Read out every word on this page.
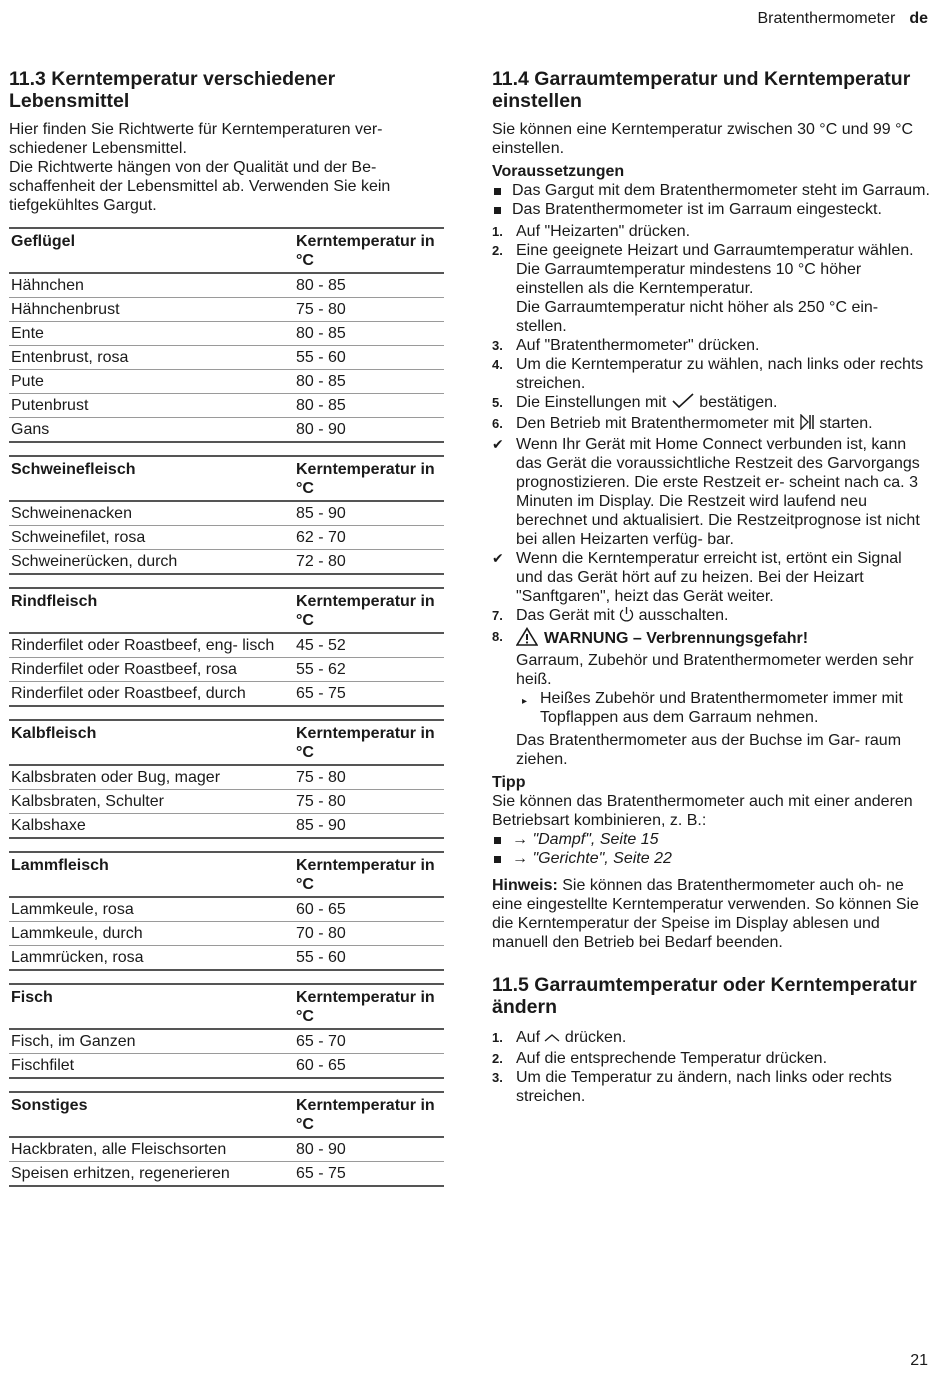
Bratenthermometer de
11.3 Kerntemperatur verschiedener Lebensmittel

Hier finden Sie Richtwerte für Kerntemperaturen ver- schiedener Lebensmittel.

Die Richtwerte hängen von der Qualität und der Be- schaffenheit der Lebensmittel ab. Verwenden Sie kein tiefgekühltes Gargut.

Geflügel	Kerntemperatur in °C
Hähnchen	80 - 85
Hähnchenbrust	75 - 80
Ente	80 - 85
Entenbrust, rosa	55 - 60
Pute	80 - 85
Putenbrust	80 - 85
Gans	80 - 90
Schweinefleisch	Kerntemperatur in °C
Schweinenacken	85 - 90
Schweinefilet, rosa	62 - 70
Schweinerücken, durch	72 - 80
Rindfleisch	Kerntemperatur in °C
Rinderfilet oder Roastbeef, eng- lisch	45 - 52
Rinderfilet oder Roastbeef, rosa	55 - 62
Rinderfilet oder Roastbeef, durch	65 - 75
Kalbfleisch	Kerntemperatur in °C
Kalbsbraten oder Bug, mager	75 - 80
Kalbsbraten, Schulter	75 - 80
Kalbshaxe	85 - 90
Lammfleisch	Kerntemperatur in °C
Lammkeule, rosa	60 - 65
Lammkeule, durch	70 - 80
Lammrücken, rosa	55 - 60
Fisch	Kerntemperatur in °C
Fisch, im Ganzen	65 - 70
Fischfilet	60 - 65
Sonstiges	Kerntemperatur in °C
Hackbraten, alle Fleischsorten	80 - 90
Speisen erhitzen, regenerieren	65 - 75
11.4 Garraumtemperatur und Kerntemperatur einstellen

Sie können eine Kerntemperatur zwischen 30 °C und 99 °C einstellen.

Voraussetzungen
Das Gargut mit dem Bratenthermometer steht im Garraum.
Das Bratenthermometer ist im Garraum eingesteckt.
1. Auf "Heizarten" drücken.
2. Eine geeignete Heizart und Garraumtemperatur wählen.
Die Garraumtemperatur mindestens 10 °C höher einstellen als die Kerntemperatur.
Die Garraumtemperatur nicht höher als 250 °C ein- stellen.
3. Auf "Bratenthermometer" drücken.
4. Um die Kerntemperatur zu wählen, nach links oder rechts streichen.
5. Die Einstellungen mit bestätigen.
6. Den Betrieb mit Bratenthermometer mit starten.
✔ Wenn Ihr Gerät mit Home Connect verbunden ist, kann das Gerät die voraussichtliche Restzeit des Garvorgangs prognostizieren. Die erste Restzeit er- scheint nach ca. 3 Minuten im Display. Die Restzeit wird laufend neu berechnet und aktualisiert. Die Restzeitprognose ist nicht bei allen Heizarten verfüg- bar.
✔ Wenn die Kerntemperatur erreicht ist, ertönt ein Signal und das Gerät hört auf zu heizen. Bei der Heizart "Sanftgaren", heizt das Gerät weiter.
7. Das Gerät mit ausschalten.
8.	WARNUNG – Verbrennungsgefahr!
Garraum, Zubehör und Bratenthermometer werden sehr heiß.
▸ Heißes Zubehör und Bratenthermometer immer mit Topflappen aus dem Garraum nehmen.
Das Bratenthermometer aus der Buchse im Gar- raum ziehen.
Tipp

Sie können das Bratenthermometer auch mit einer anderen Betriebsart kombinieren, z. B.:

→ "Dampf", Seite 15
→ "Gerichte", Seite 22

Hinweis: Sie können das Bratenthermometer auch oh- ne eine eingestellte Kerntemperatur verwenden. So können Sie die Kerntemperatur der Speise im Display ablesen und manuell den Betrieb bei Bedarf beenden.

11.5 Garraumtemperatur oder Kerntemperatur ändern
1. Auf drücken.
2. Auf die entsprechende Temperatur drücken.
3. Um die Temperatur zu ändern, nach links oder rechts streichen.
21
